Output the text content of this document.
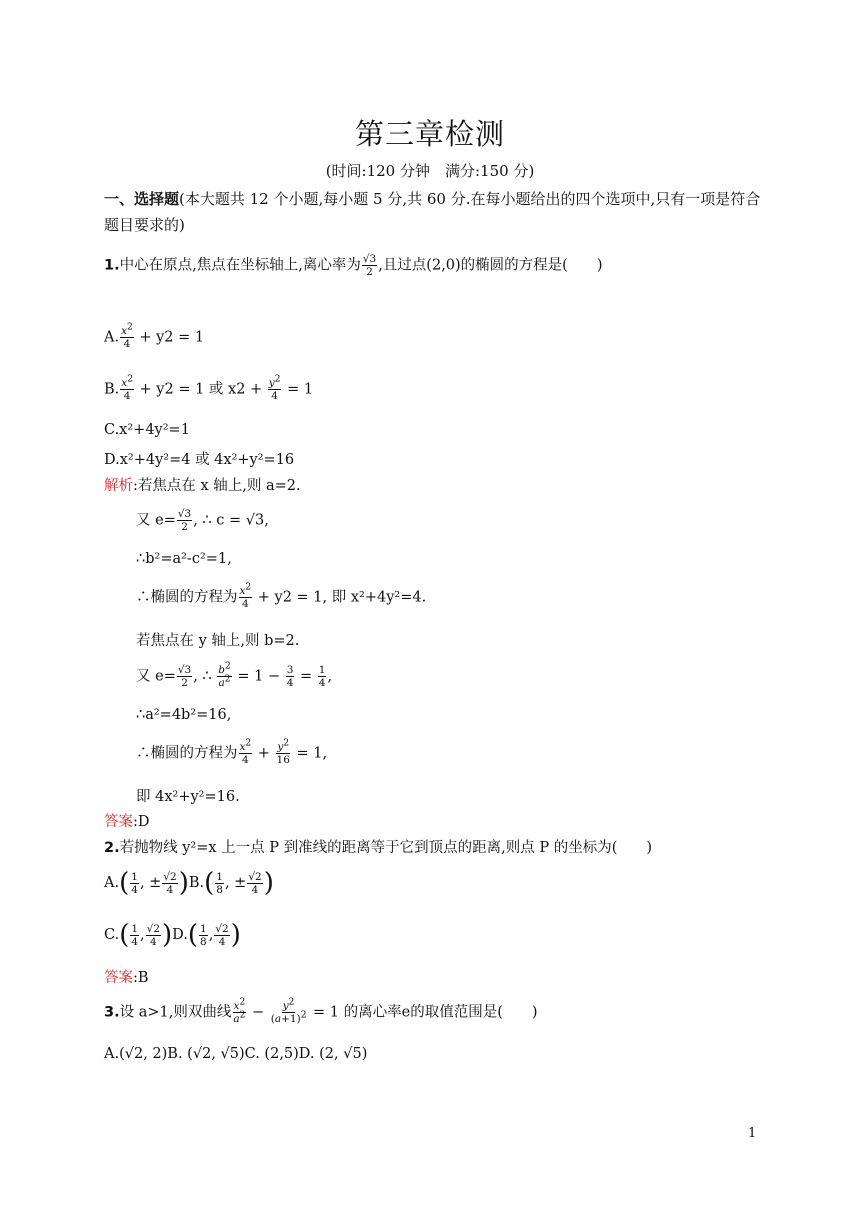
第三章检测
(时间:120 分钟　满分:150 分)
一、选择题(本大题共 12 个小题,每小题 5 分,共 60 分.在每小题给出的四个选项中,只有一项是符合题目要求的)
1.中心在原点,焦点在坐标轴上,离心率为 $\frac{√3}{2}$ ,且过点(2,0)的椭圆的方程是(　　)
A. $\frac{x^2}{4} + y2 = 1$
B. $\frac{x^2}{4} + y2 = 1$ 或 $x2 + \frac{y^2}{4} = 1$
C.x²+4y²=1
D.x²+4y²=4 或 4x²+y²=16
解析:若焦点在 x 轴上,则 a=2.
又 $e= \frac{√3}{2}$ , ∴ c = √3,
∴b²=a²-c²=1,
∴椭圆的方程为 $\frac{x^2}{4} + y2 = 1$, 即 x²+4y²=4.
若焦点在 y 轴上,则 b=2.
又 $e= \frac{√3}{2}$ , ∴ $\frac{b^2}{a^2} = 1 - \frac{3}{4} = \frac{1}{4}$ ,
∴a²=4b²=16,
∴椭圆的方程为 $\frac{x^2}{4} + \frac{y^2}{16} = 1$,
即 4x²+y²=16.
答案:D
2.若抛物线 y²=x 上一点 P 到准线的距离等于它到顶点的距离,则点 P 的坐标为(　　)
$A.( \frac{1}{4}$ , ± $\frac{√2}{4} )B.( \frac{1}{8}$ , ± $\frac{√2}{4}$ )
$C.( \frac{1}{4}$ , $\frac{√2}{4} )D.( \frac{1}{8}$ , $\frac{√2}{4}$ )
答案:B
3.设 a>1,则双曲线 $\frac{x^2}{a^2} - \frac{y^2}{(a+1)^2} = 1$ 的离心率e的取值范围是(　　)
A.(√2, 2)B. (√2, √5)C. (2,5)D. (2, √5)
1
